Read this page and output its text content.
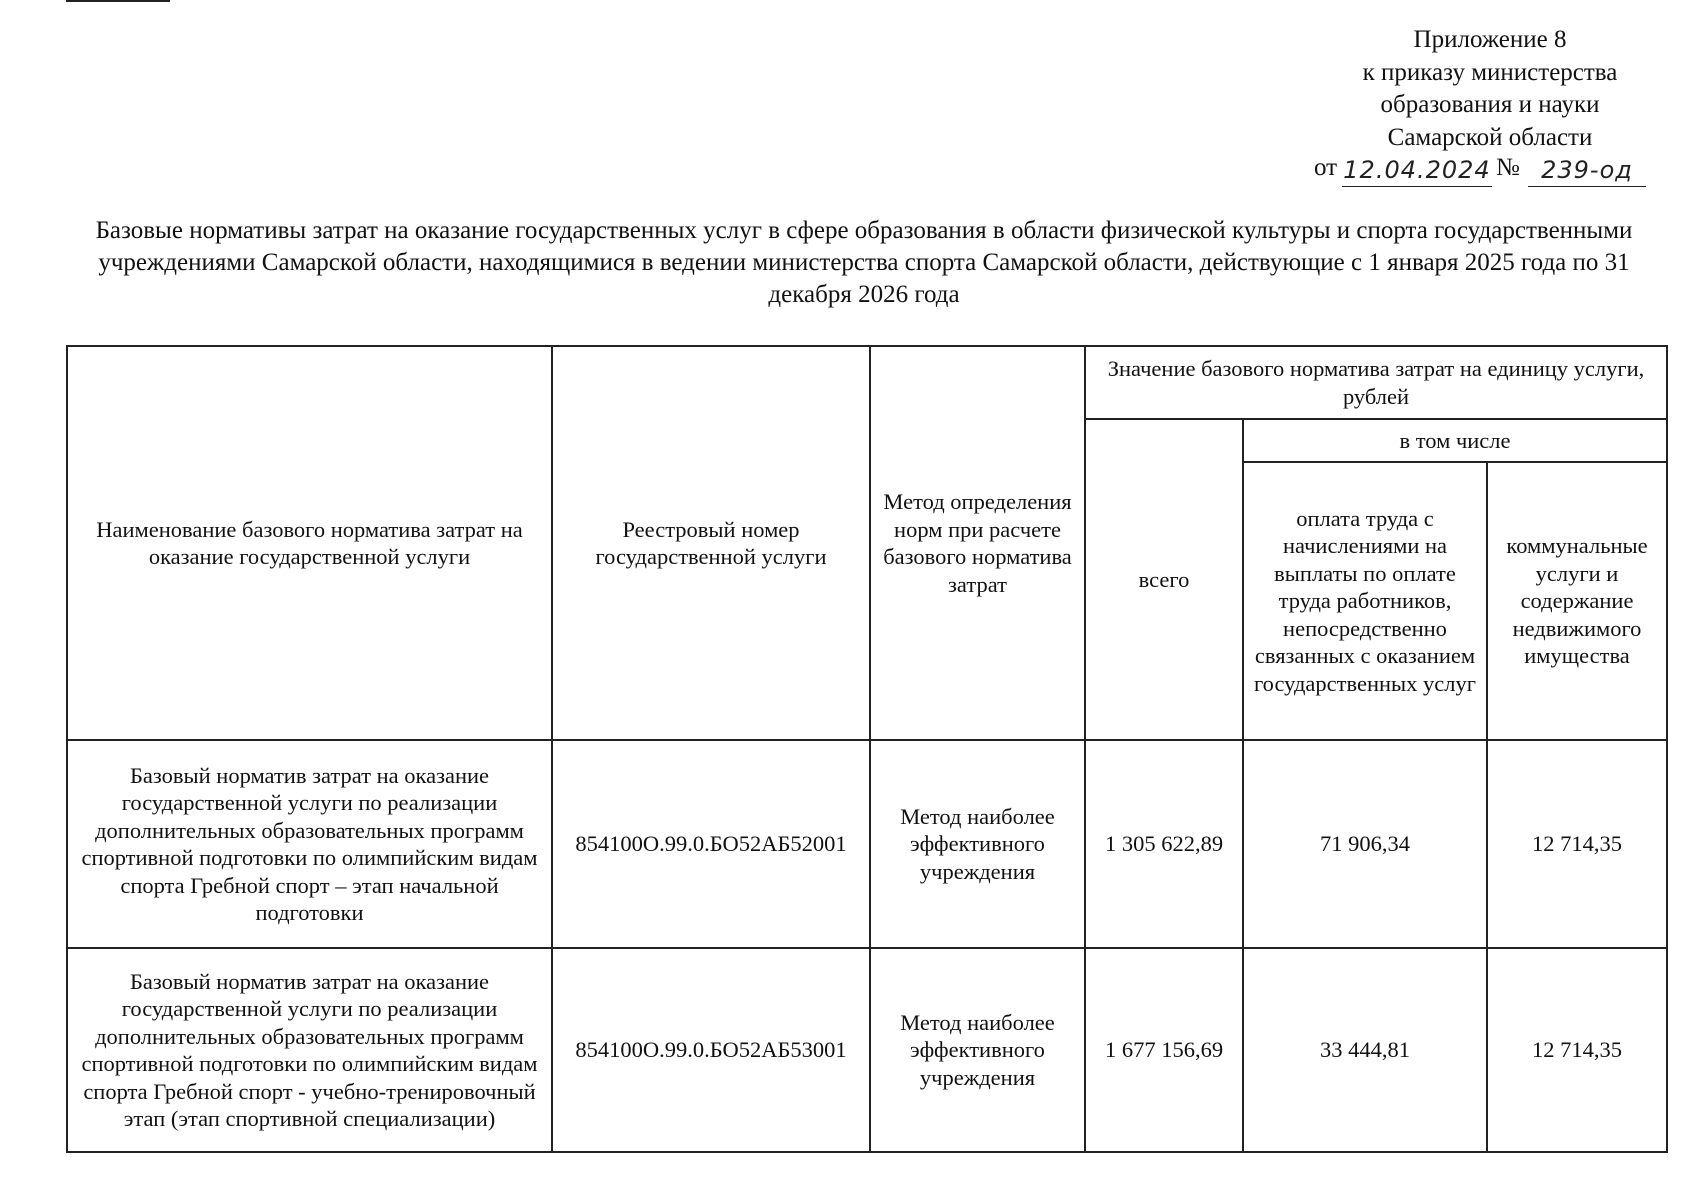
Приложение 8
к приказу министерства
образования и науки
Самарской области
от 12.04.2024 № 239-од
Базовые нормативы затрат на оказание государственных услуг в сфере образования в области физической культуры и спорта государственными учреждениями Самарской области, находящимися в ведении министерства спорта Самарской области, действующие с 1 января 2025 года по 31 декабря 2026 года
Наименование базового норматива затрат на оказание государственной услуги	Реестровый номер государственной услуги	Метод определения норм при расчете базового норматива затрат	Значение базового норматива затрат на единицу услуги, рублей		
			всего	в том числе	
				оплата труда с начислениями на выплаты по оплате труда работников, непосредственно связанных с оказанием государственных услуг	коммунальные услуги и содержание недвижимого имущества
Базовый норматив затрат на оказание государственной услуги по реализации дополнительных образовательных программ спортивной подготовки по олимпийским видам спорта Гребной спорт – этап начальной подготовки	854100О.99.0.БО52АБ52001	Метод наиболее эффективного учреждения	1 305 622,89	71 906,34	12 714,35
Базовый норматив затрат на оказание государственной услуги по реализации дополнительных образовательных программ спортивной подготовки по олимпийским видам спорта Гребной спорт - учебно-тренировочный этап (этап спортивной специализации)	854100О.99.0.БО52АБ53001	Метод наиболее эффективного учреждения	1 677 156,69	33 444,81	12 714,35
